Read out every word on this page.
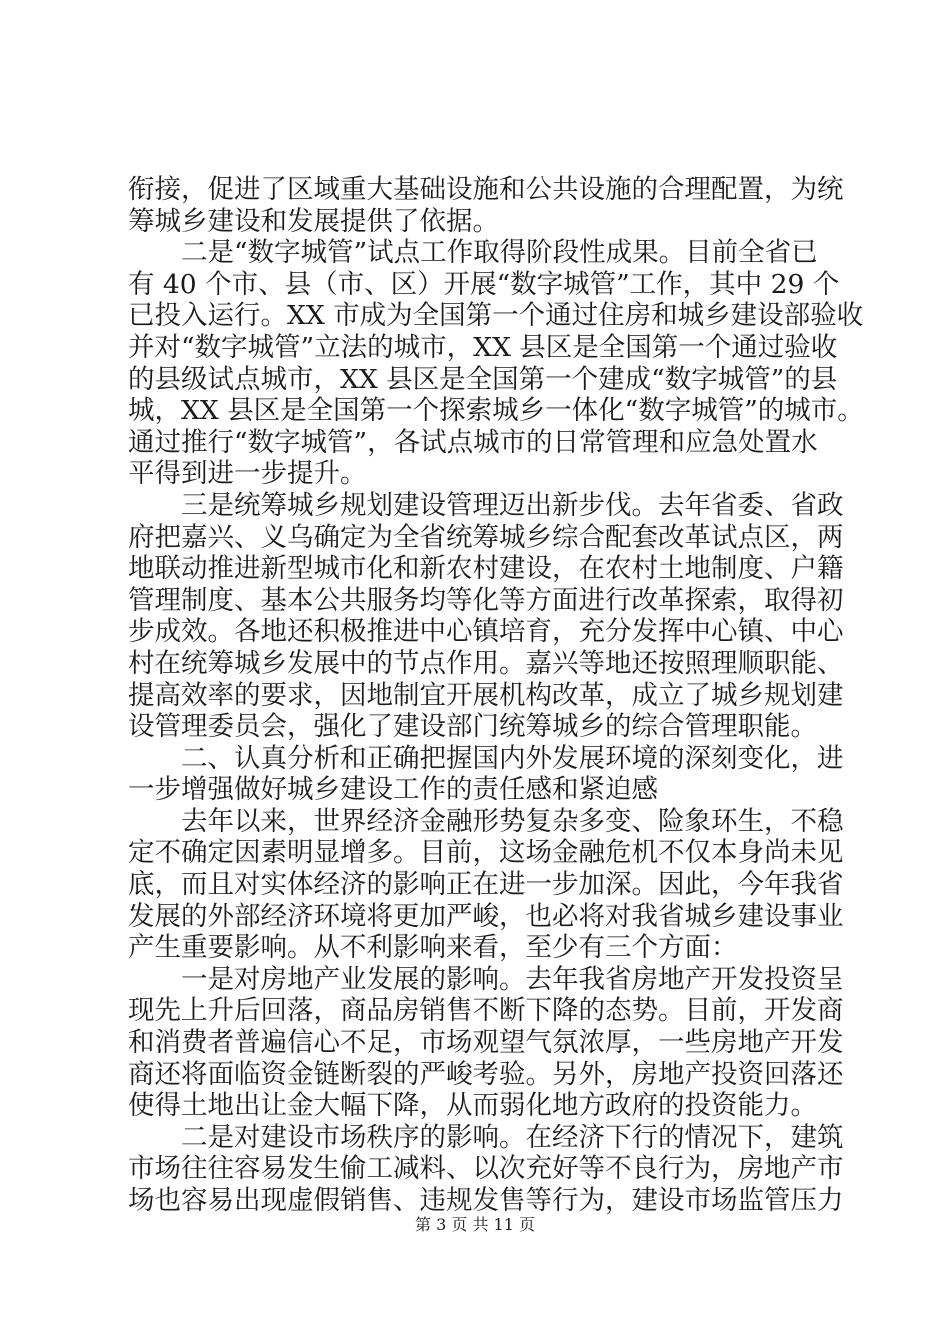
衔接，促进了区域重大基础设施和公共设施的合理配置，为统
筹城乡建设和发展提供了依据。
二是“数字城管”试点工作取得阶段性成果。目前全省已
有 40 个市、县（市、区）开展“数字城管”工作，其中 29 个
已投入运行。XX 市成为全国第一个通过住房和城乡建设部验收
并对“数字城管”立法的城市，XX 县区是全国第一个通过验收
的县级试点城市，XX 县区是全国第一个建成“数字城管”的县
城，XX 县区是全国第一个探索城乡一体化“数字城管”的城市。
通过推行“数字城管”，各试点城市的日常管理和应急处置水
平得到进一步提升。
三是统筹城乡规划建设管理迈出新步伐。去年省委、省政
府把嘉兴、义乌确定为全省统筹城乡综合配套改革试点区，两
地联动推进新型城市化和新农村建设，在农村土地制度、户籍
管理制度、基本公共服务均等化等方面进行改革探索，取得初
步成效。各地还积极推进中心镇培育，充分发挥中心镇、中心
村在统筹城乡发展中的节点作用。嘉兴等地还按照理顺职能、
提高效率的要求，因地制宜开展机构改革，成立了城乡规划建
设管理委员会，强化了建设部门统筹城乡的综合管理职能。
二、认真分析和正确把握国内外发展环境的深刻变化，进
一步增强做好城乡建设工作的责任感和紧迫感
去年以来，世界经济金融形势复杂多变、险象环生，不稳
定不确定因素明显增多。目前，这场金融危机不仅本身尚未见
底，而且对实体经济的影响正在进一步加深。因此，今年我省
发展的外部经济环境将更加严峻，也必将对我省城乡建设事业
产生重要影响。从不利影响来看，至少有三个方面：
一是对房地产业发展的影响。去年我省房地产开发投资呈
现先上升后回落，商品房销售不断下降的态势。目前，开发商
和消费者普遍信心不足，市场观望气氛浓厚，一些房地产开发
商还将面临资金链断裂的严峻考验。另外，房地产投资回落还
使得土地出让金大幅下降，从而弱化地方政府的投资能力。
二是对建设市场秩序的影响。在经济下行的情况下，建筑
市场往往容易发生偷工减料、以次充好等不良行为，房地产市
场也容易出现虚假销售、违规发售等行为，建设市场监管压力
第 3 页 共 11 页
